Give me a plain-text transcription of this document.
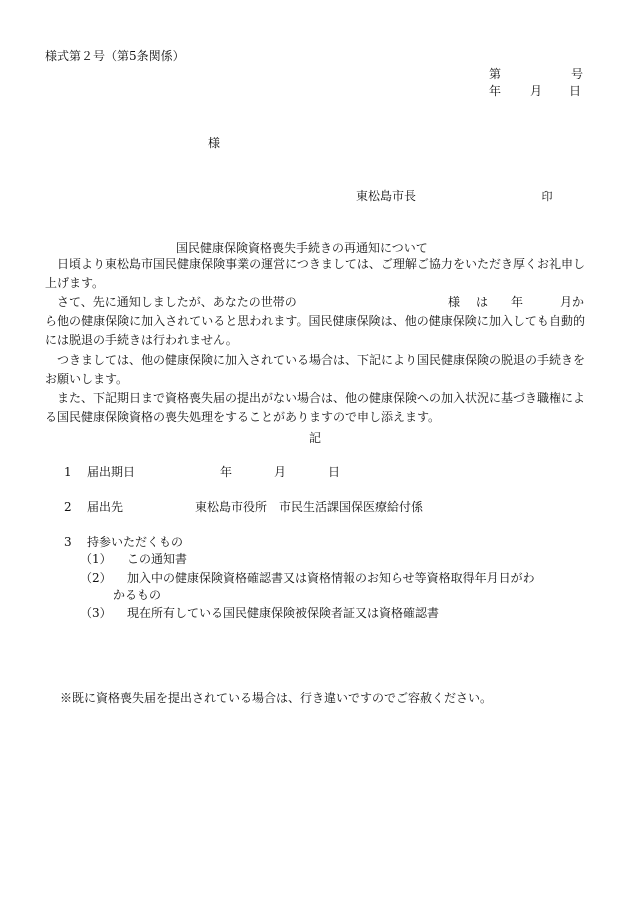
様式第２号（第5条関係）
第	号
年 月 日
様
東松島市長	印
国民健康保険資格喪失手続きの再通知について

日頃より東松島市国民健康保険事業の運営につきましては、ご理解ご協力をいただき厚くお礼申し上げます。

さて、先に通知しましたが、あなたの世帯の	様 は 年	月か

ら他の健康保険に加入されていると思われます。国民健康保険は、他の健康保険に加入しても自動的には脱退の手続きは行われません。

つきましては、他の健康保険に加入されている場合は、下記により国民健康保険の脱退の手続きをお願いします。

また、下記期日まで資格喪失届の提出がない場合は、他の健康保険への加入状況に基づき職権による国民健康保険資格の喪失処理をすることがありますので申し添えます。

記
1 届出期日	年	月	日
2 届出先	東松島市役所　市民生活課国保医療給付係
3 持参いただくもの
（1） この通知書
（2） 加入中の健康保険資格確認書又は資格情報のお知らせ等資格取得年月日がわ
かるもの
（3） 現在所有している国民健康保険被保険者証又は資格確認書
※既に資格喪失届を提出されている場合は、行き違いですのでご容赦ください。
